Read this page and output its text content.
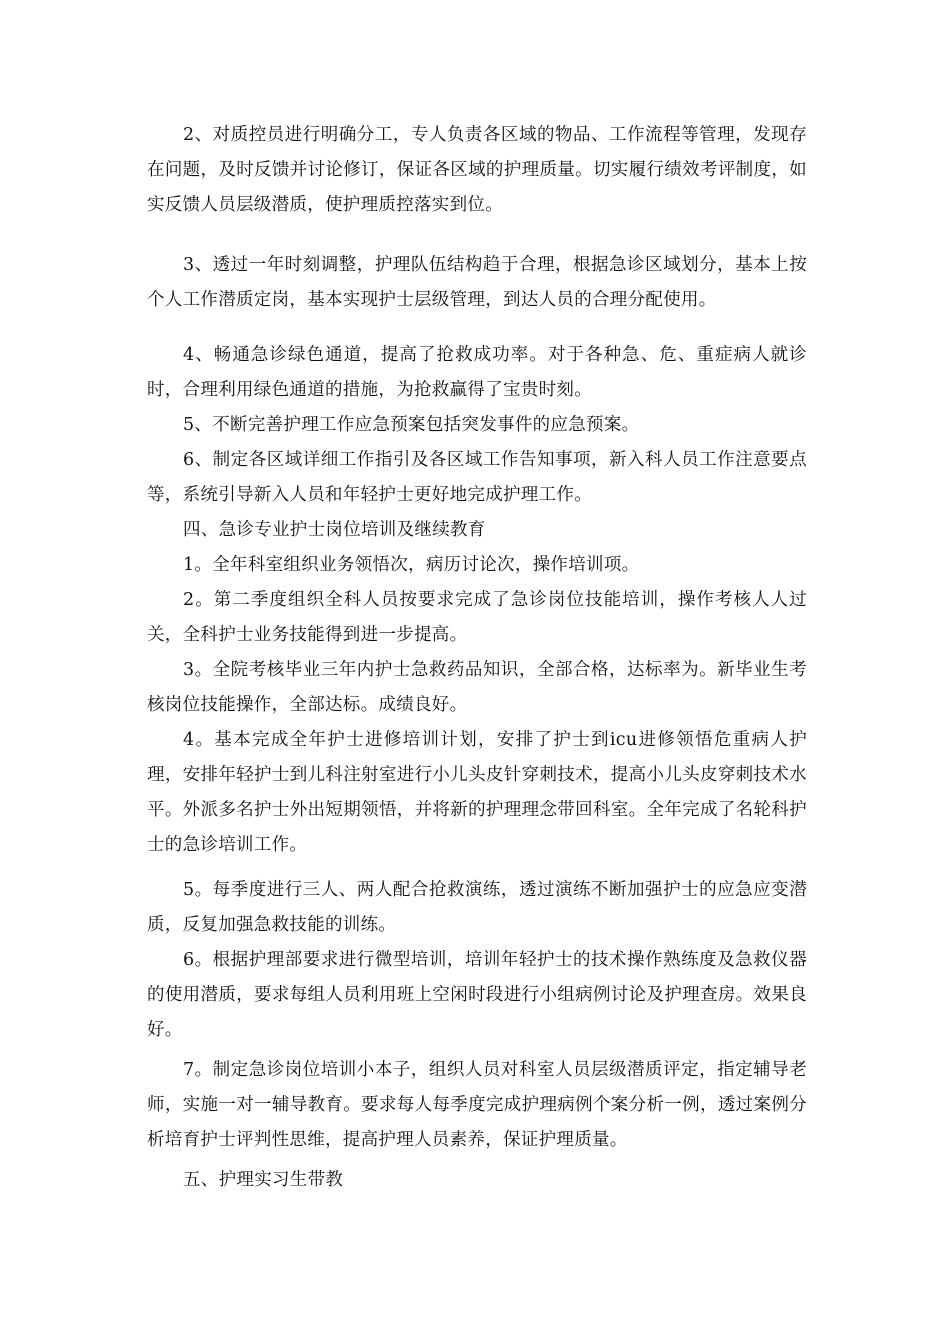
2、对质控员进行明确分工，专人负责各区域的物品、工作流程等管理，发现存在问题，及时反馈并讨论修订，保证各区域的护理质量。切实履行绩效考评制度，如实反馈人员层级潜质，使护理质控落实到位。

3、透过一年时刻调整，护理队伍结构趋于合理，根据急诊区域划分，基本上按个人工作潜质定岗，基本实现护士层级管理，到达人员的合理分配使用。

4、畅通急诊绿色通道，提高了抢救成功率。对于各种急、危、重症病人就诊时，合理利用绿色通道的措施，为抢救赢得了宝贵时刻。

5、不断完善护理工作应急预案包括突发事件的应急预案。

6、制定各区域详细工作指引及各区域工作告知事项，新入科人员工作注意要点等，系统引导新入人员和年轻护士更好地完成护理工作。

四、急诊专业护士岗位培训及继续教育

1。全年科室组织业务领悟次，病历讨论次，操作培训项。

2。第二季度组织全科人员按要求完成了急诊岗位技能培训，操作考核人人过关，全科护士业务技能得到进一步提高。

3。全院考核毕业三年内护士急救药品知识，全部合格，达标率为。新毕业生考核岗位技能操作，全部达标。成绩良好。

4。基本完成全年护士进修培训计划，安排了护士到icu进修领悟危重病人护理，安排年轻护士到儿科注射室进行小儿头皮针穿刺技术，提高小儿头皮穿刺技术水平。外派多名护士外出短期领悟，并将新的护理理念带回科室。全年完成了名轮科护士的急诊培训工作。

5。每季度进行三人、两人配合抢救演练，透过演练不断加强护士的应急应变潜质，反复加强急救技能的训练。

6。根据护理部要求进行微型培训，培训年轻护士的技术操作熟练度及急救仪器的使用潜质，要求每组人员利用班上空闲时段进行小组病例讨论及护理查房。效果良好。

7。制定急诊岗位培训小本子，组织人员对科室人员层级潜质评定，指定辅导老师，实施一对一辅导教育。要求每人每季度完成护理病例个案分析一例，透过案例分析培育护士评判性思维，提高护理人员素养，保证护理质量。

五、护理实习生带教
